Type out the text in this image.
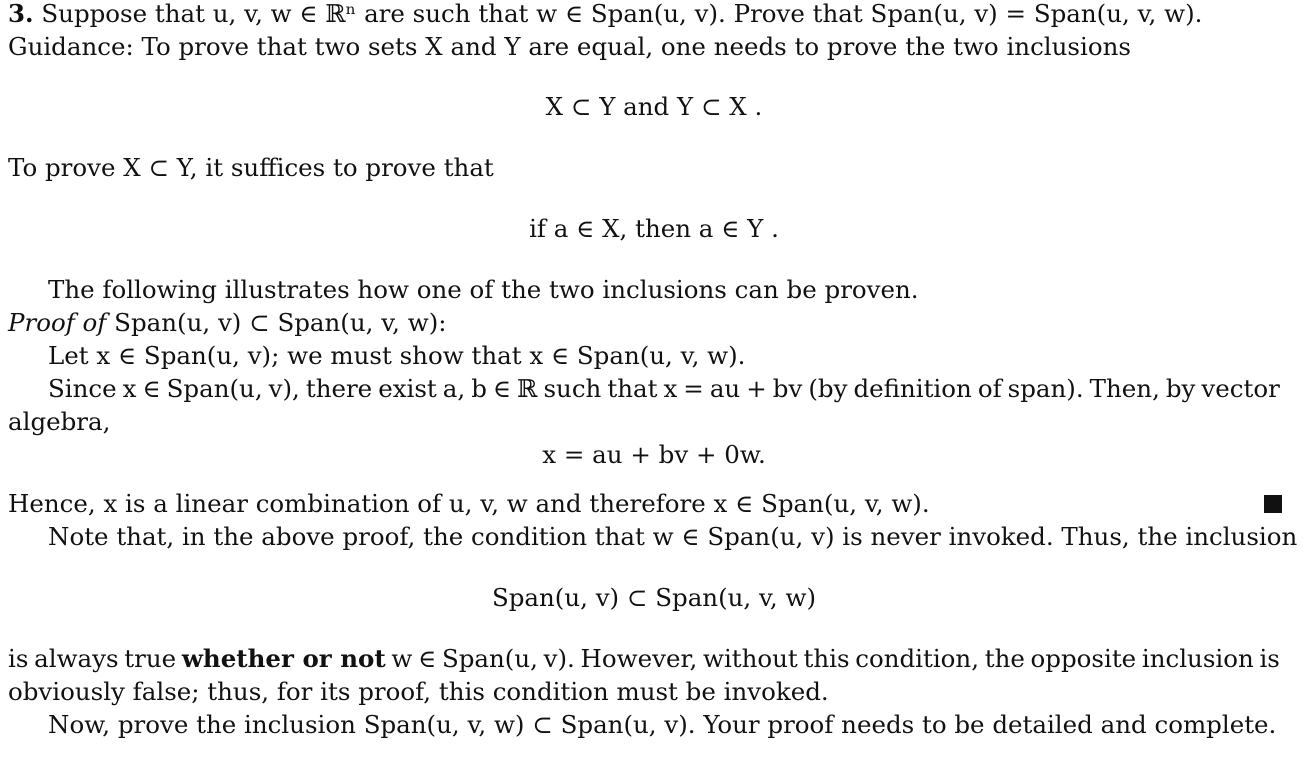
3. Suppose that u, v, w ∈ ℝⁿ are such that w ∈ Span(u, v). Prove that Span(u, v) = Span(u, v, w).
Guidance: To prove that two sets X and Y are equal, one needs to prove the two inclusions
X ⊂ Y and Y ⊂ X .
To prove X ⊂ Y, it suffices to prove that
if a ∈ X, then a ∈ Y .
The following illustrates how one of the two inclusions can be proven.
Proof of Span(u, v) ⊂ Span(u, v, w):
Let x ∈ Span(u, v); we must show that x ∈ Span(u, v, w).
Since x ∈ Span(u, v), there exist a, b ∈ ℝ such that x = au + bv (by definition of span). Then, by vector
algebra,
x = au + bv + 0w.
Hence, x is a linear combination of u, v, w and therefore x ∈ Span(u, v, w).
Note that, in the above proof, the condition that w ∈ Span(u, v) is never invoked. Thus, the inclusion
Span(u, v) ⊂ Span(u, v, w)
is always true whether or not w ∈ Span(u, v). However, without this condition, the opposite inclusion is
obviously false; thus, for its proof, this condition must be invoked.
Now, prove the inclusion Span(u, v, w) ⊂ Span(u, v). Your proof needs to be detailed and complete.
